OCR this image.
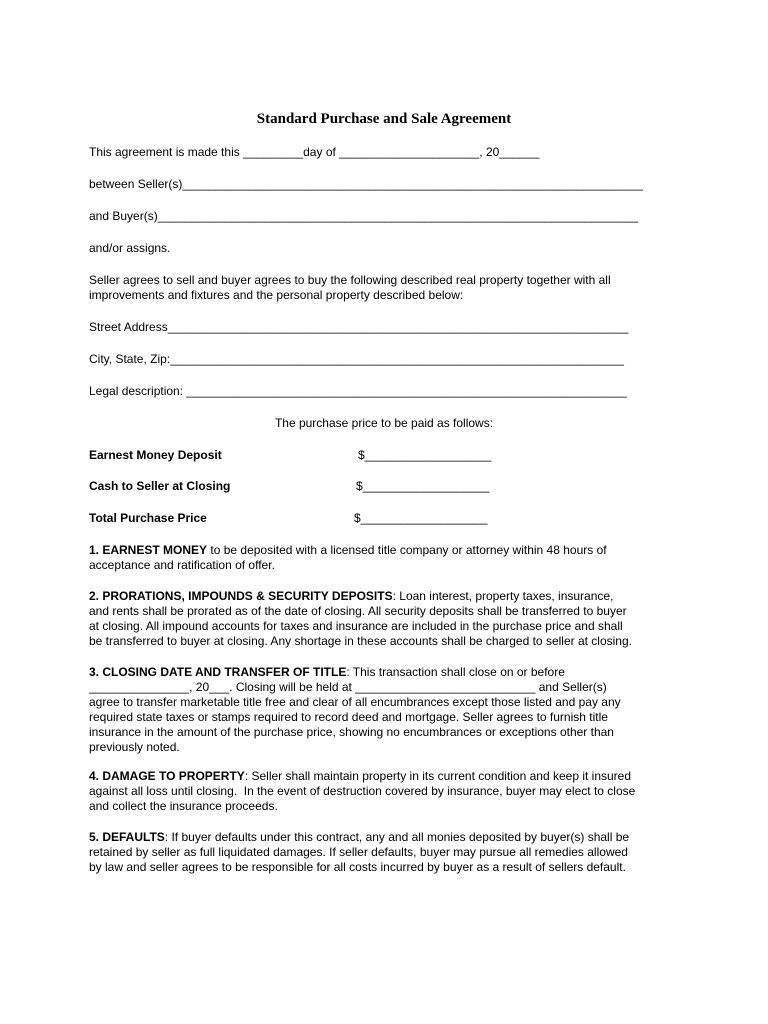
Standard Purchase and Sale Agreement
This agreement is made this _________day of _____________________, 20______
between Seller(s)_____________________________________________________________________
and Buyer(s)________________________________________________________________________
and/or assigns.
Seller agrees to sell and buyer agrees to buy the following described real property together with all
improvements and fixtures and the personal property described below:
Street Address_____________________________________________________________________
City, State, Zip:____________________________________________________________________
Legal description: __________________________________________________________________
The purchase price to be paid as follows:
Earnest Money Deposit	$___________________
Cash to Seller at Closing	$___________________
Total Purchase Price	$___________________
1. EARNEST MONEY to be deposited with a licensed title company or attorney within 48 hours of
acceptance and ratification of offer.
2. PRORATIONS, IMPOUNDS & SECURITY DEPOSITS: Loan interest, property taxes, insurance,
and rents shall be prorated as of the date of closing. All security deposits shall be transferred to buyer
at closing. All impound accounts for taxes and insurance are included in the purchase price and shall
be transferred to buyer at closing. Any shortage in these accounts shall be charged to seller at closing.
3. CLOSING DATE AND TRANSFER OF TITLE: This transaction shall close on or before
_______________, 20___. Closing will be held at ___________________________ and Seller(s)
agree to transfer marketable title free and clear of all encumbrances except those listed and pay any
required state taxes or stamps required to record deed and mortgage. Seller agrees to furnish title
insurance in the amount of the purchase price, showing no encumbrances or exceptions other than
previously noted.
4. DAMAGE TO PROPERTY: Seller shall maintain property in its current condition and keep it insured
against all loss until closing.  In the event of destruction covered by insurance, buyer may elect to close
and collect the insurance proceeds.
5. DEFAULTS: If buyer defaults under this contract, any and all monies deposited by buyer(s) shall be
retained by seller as full liquidated damages. If seller defaults, buyer may pursue all remedies allowed
by law and seller agrees to be responsible for all costs incurred by buyer as a result of sellers default.
